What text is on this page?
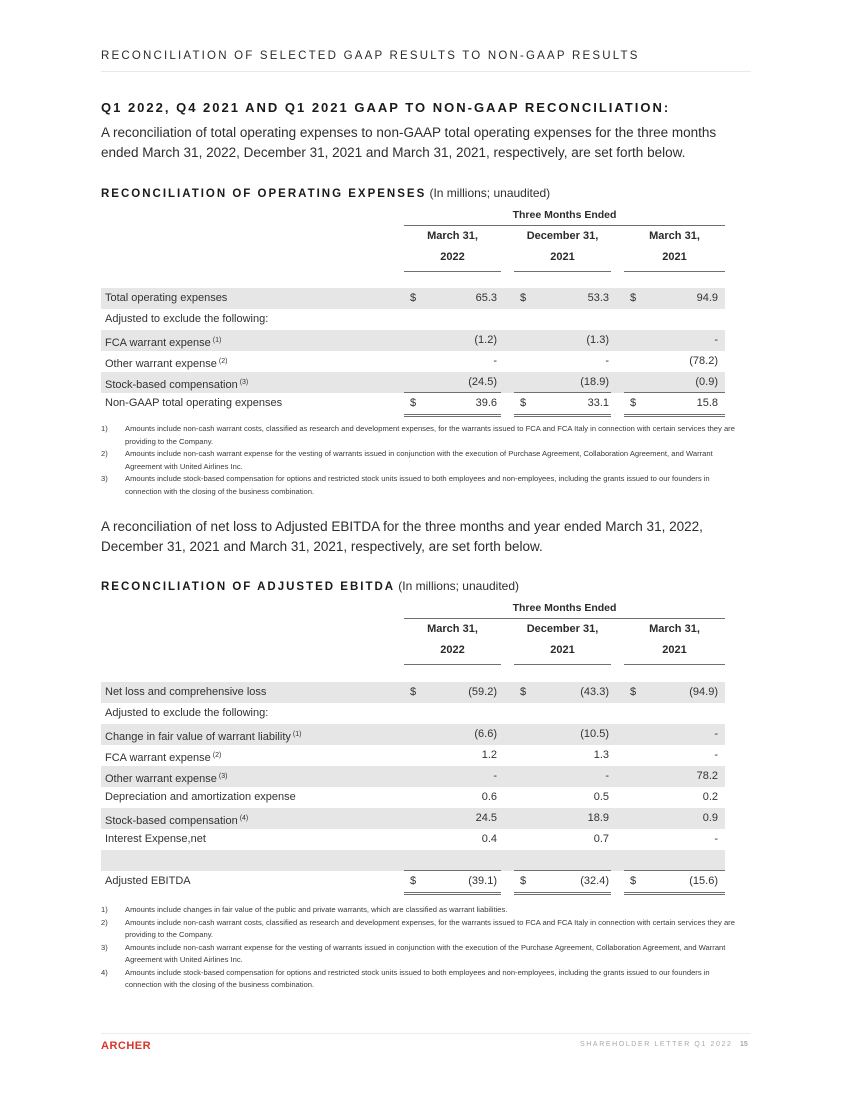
RECONCILIATION OF SELECTED GAAP RESULTS TO NON-GAAP RESULTS
Q1 2022, Q4 2021 AND Q1 2021 GAAP TO NON-GAAP RECONCILIATION:
A reconciliation of total operating expenses to non-GAAP total operating expenses for the three months ended March 31, 2022, December 31, 2021 and March 31, 2021, respectively, are set forth below.
RECONCILIATION OF OPERATING EXPENSES (In millions; unaudited)
Three Months Ended
March 31,
2022
December 31,
2021
March 31,
2021
Total operating expenses	$	65.3 $	53.3 $	94.9
Adjusted to exclude the following:
FCA warrant expense $^{(1)}$	(1.2)	(1.3)	-
Other warrant expense $^{(2)}$	-	-	(78.2)
Stock-based compensation $^{(3)}$	(24.5)	(18.9)	(0.9)
Non-GAAP total operating expenses	$	39.6 $	33.1 $	15.8
1) Amounts include non-cash warrant costs, classified as research and development expenses, for the warrants issued to FCA and FCA Italy in connection with certain services they are providing to the Company.
2) Amounts include non-cash warrant expense for the vesting of warrants issued in conjunction with the execution of Purchase Agreement, Collaboration Agreement, and Warrant Agreement with United Airlines Inc.
3) Amounts include stock-based compensation for options and restricted stock units issued to both employees and non-employees, including the grants issued to our founders in connection with the closing of the business combination.
A reconciliation of net loss to Adjusted EBITDA for the three months and year ended March 31, 2022, December 31, 2021 and March 31, 2021, respectively, are set forth below.
RECONCILIATION OF ADJUSTED EBITDA (In millions; unaudited)
Three Months Ended
March 31,
2022
December 31,
2021
March 31,
2021
Net loss and comprehensive loss	$	(59.2) $	(43.3) $	(94.9)
Adjusted to exclude the following:
Change in fair value of warrant liability $^{(1)}$	(6.6)	(10.5)	-
FCA warrant expense $^{(2)}$	1.2	1.3	-
Other warrant expense $^{(3)}$	-	-	78.2
Depreciation and amortization expense	0.6	0.5	0.2
Stock-based compensation $^{(4)}$	24.5	18.9	0.9
Interest Expense,net	0.4	0.7	-
Adjusted EBITDA	$	(39.1) $	(32.4) $	(15.6)
1) Amounts include changes in fair value of the public and private warrants, which are classified as warrant liabilities.
2) Amounts include non-cash warrant costs, classified as research and development expenses, for the warrants issued to FCA and FCA Italy in connection with certain services they are providing to the Company.
3) Amounts include non-cash warrant expense for the vesting of warrants issued in conjunction with the execution of the Purchase Agreement, Collaboration Agreement, and Warrant Agreement with United Airlines Inc.
4) Amounts include stock-based compensation for options and restricted stock units issued to both employees and non-employees, including the grants issued to our founders in connection with the closing of the business combination.
ARCHER	SHAREHOLDER LETTER Q1 2022 15
